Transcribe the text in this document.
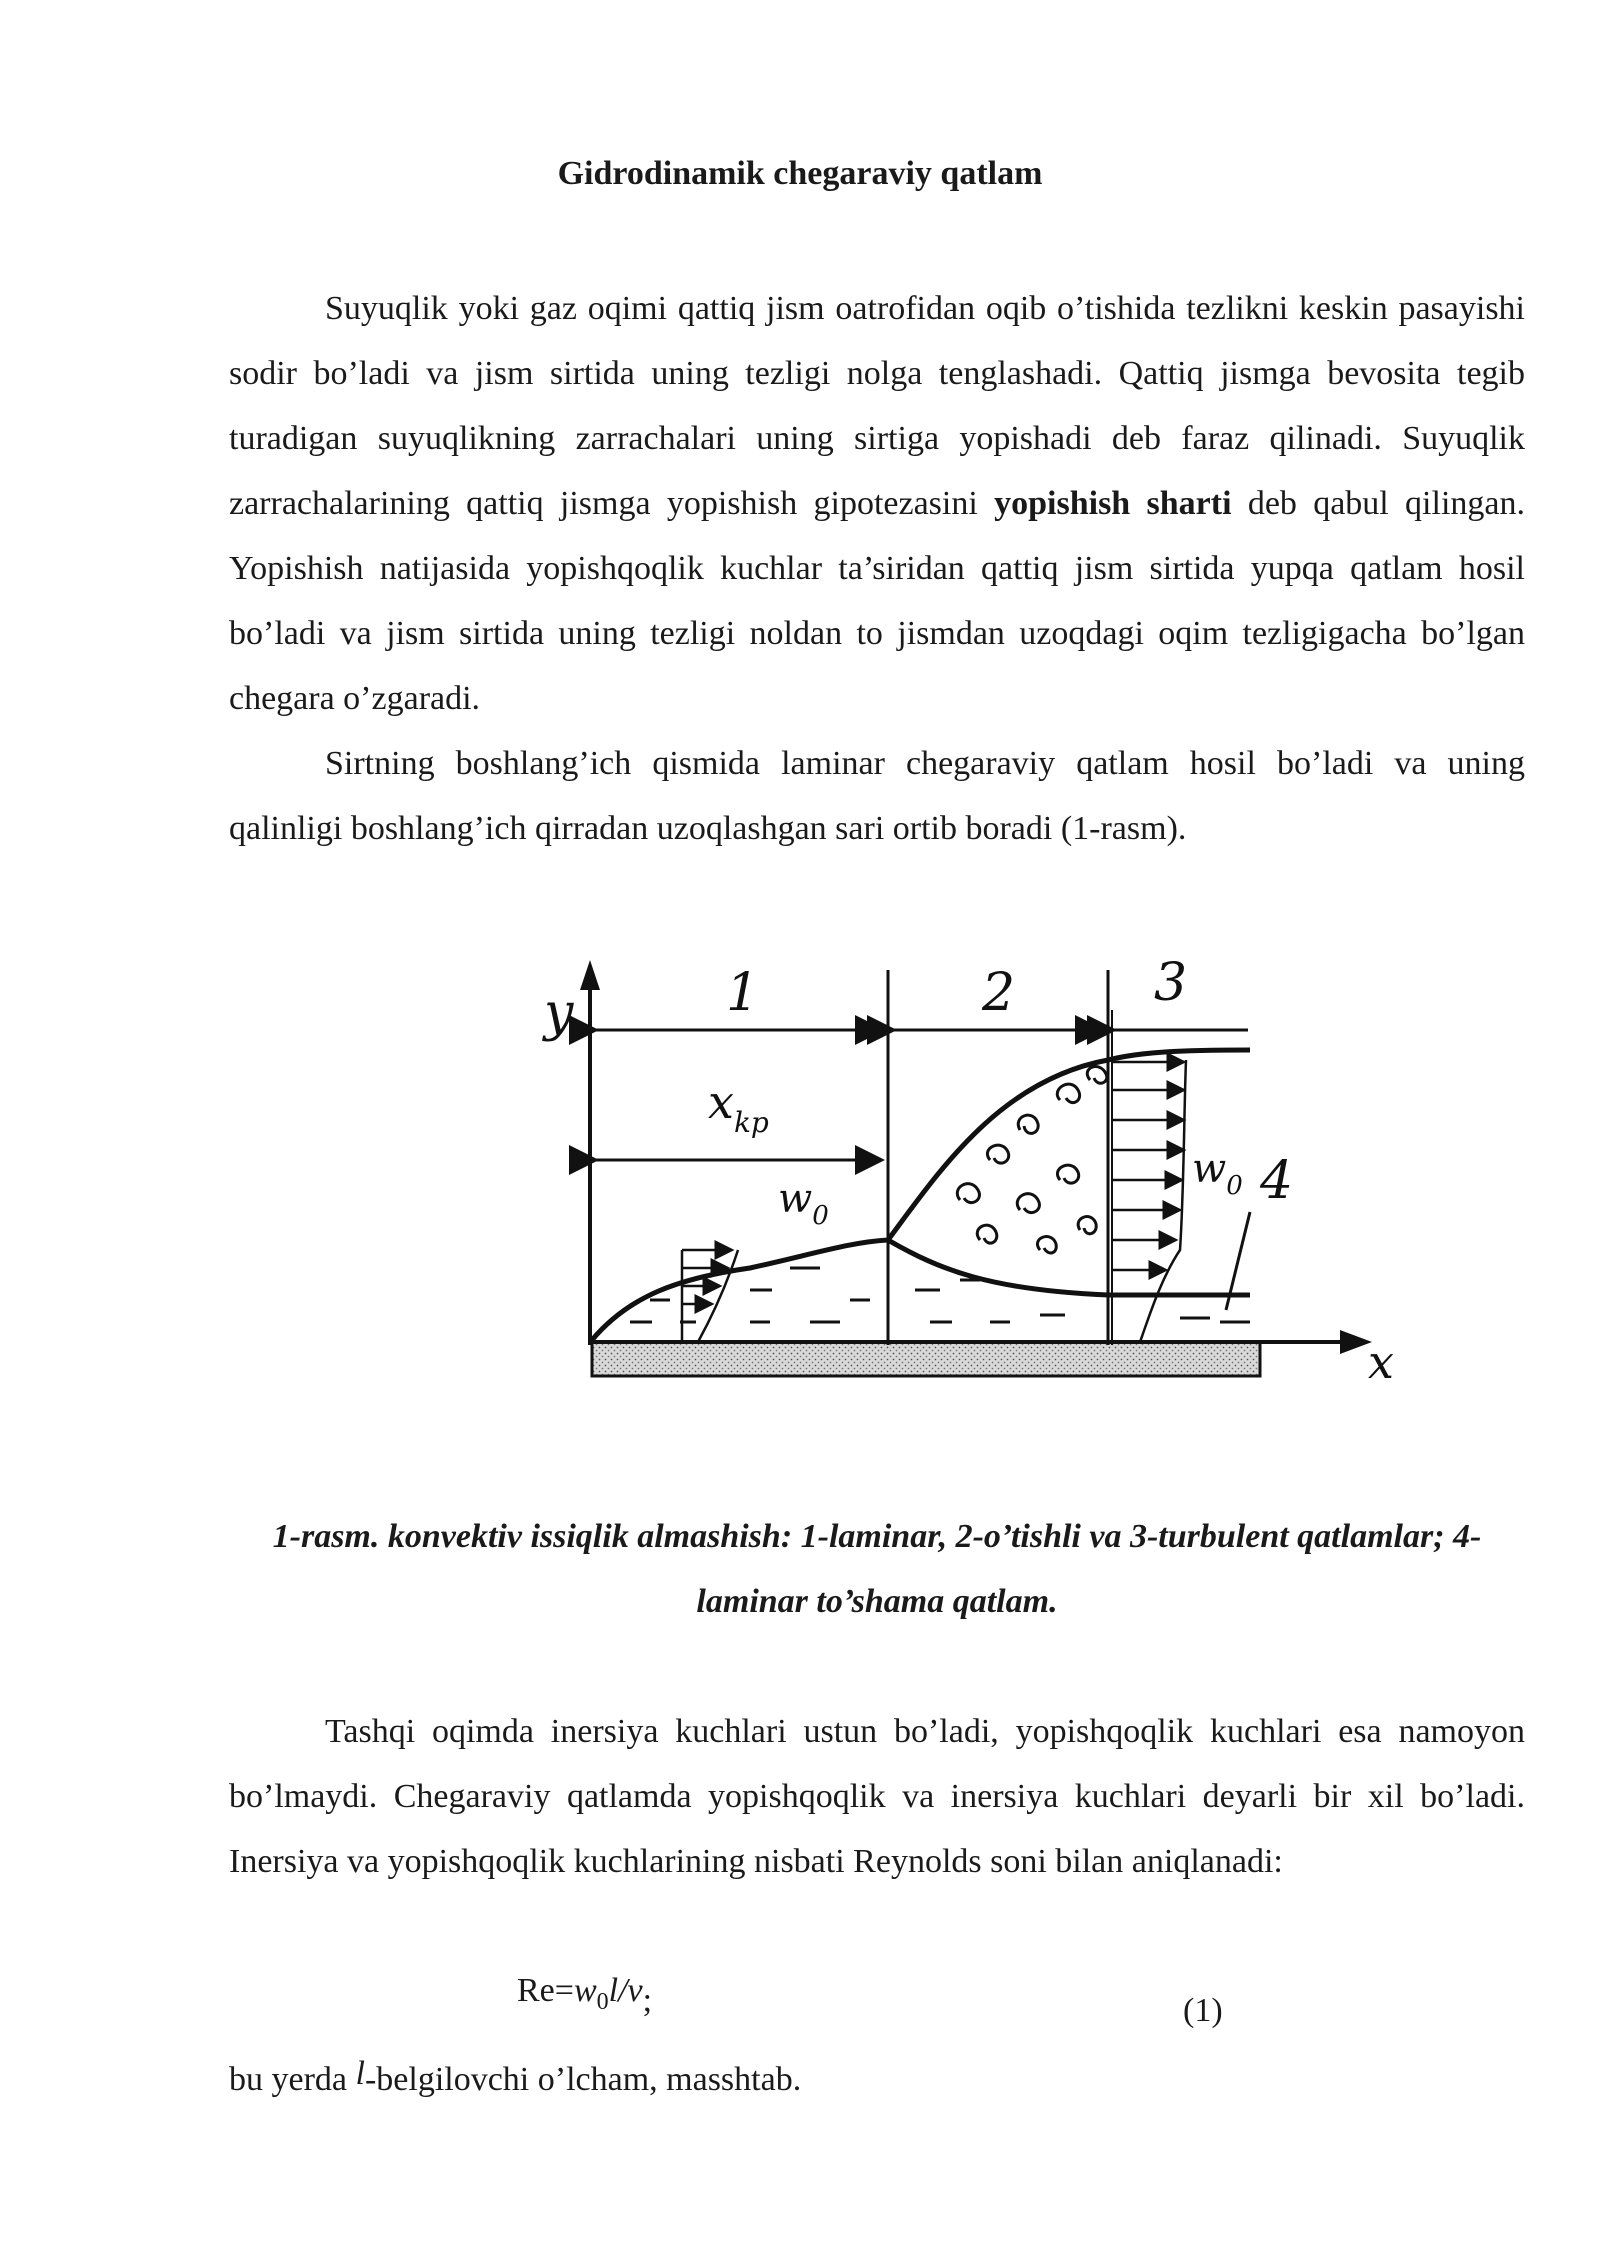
Gidrodinamik chegaraviy qatlam

Suyuqlik yoki gaz oqimi qattiq jism oatrofidan oqib o’tishida tezlikni keskin pasayishi sodir bo’ladi va jism sirtida uning tezligi nolga tenglashadi. Qattiq jismga bevosita tegib turadigan suyuqlikning zarrachalari uning sirtiga yopishadi deb faraz qilinadi. Suyuqlik zarrachalarining qattiq jismga yopishish gipotezasini yopishish sharti deb qabul qilingan. Yopishish natijasida yopishqoqlik kuchlar ta’siridan qattiq jism sirtida yupqa qatlam hosil bo’ladi va jism sirtida uning tezligi noldan to jismdan uzoqdagi oqim tezligigacha bo’lgan chegara o’zgaradi.

Sirtning boshlang’ich qismida laminar chegaraviy qatlam hosil bo’ladi va uning qalinligi boshlang’ich qirradan uzoqlashgan sari ortib boradi (1-rasm).

y
x
1	2	3
4
$x_{kp}$
$w_0$
$w_0$

1-rasm. konvektiv issiqlik almashish: 1-laminar, 2-o’tishli va 3-turbulent qatlamlar; 4-laminar to’shama qatlam.

Tashqi oqimda inersiya kuchlari ustun bo’ladi, yopishqoqlik kuchlari esa namoyon bo’lmaydi. Chegaraviy qatlamda yopishqoqlik va inersiya kuchlari deyarli bir xil bo’ladi. Inersiya va yopishqoqlik kuchlarining nisbati Reynolds soni bilan aniqlanadi:

$Re=w_0l/v$;	(1)
bu yerda l-belgilovchi o’lcham, masshtab.
